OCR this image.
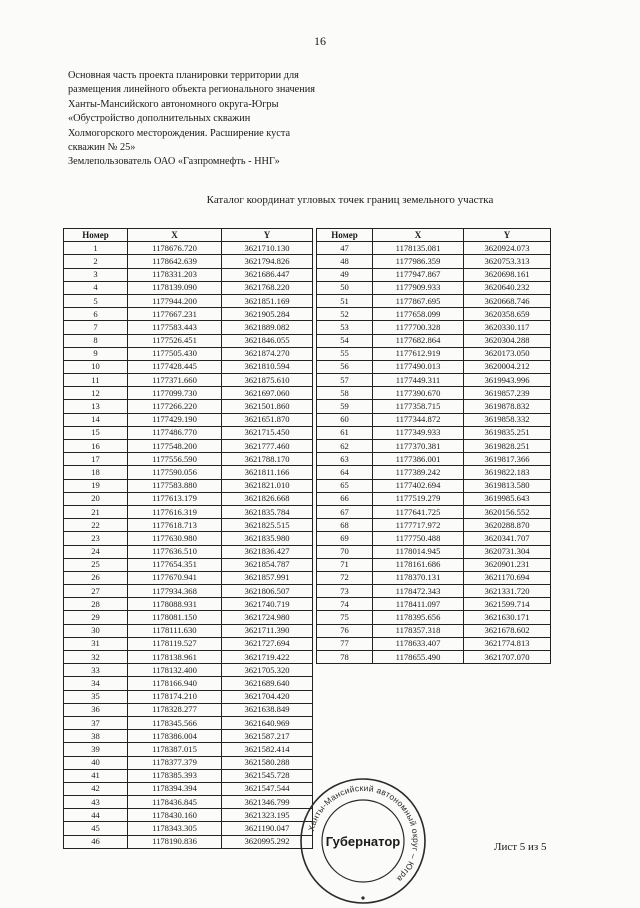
16
Основная часть проекта планировки территории для
размещения линейного объекта регионального значения
Ханты-Мансийского автономного округа-Югры
«Обустройство дополнительных скважин
Холмогорского месторождения. Расширение куста
скважин № 25»
Землепользователь ОАО «Газпромнефть - ННГ»
Каталог координат угловых точек границ земельного участка
Номер	X	Y
1	1178676.720	3621710.130
2	1178642.639	3621794.826
3	1178331.203	3621686.447
4	1178139.090	3621768.220
5	1177944.200	3621851.169
6	1177667.231	3621905.284
7	1177583.443	3621889.082
8	1177526.451	3621846.055
9	1177505.430	3621874.270
10	1177428.445	3621810.594
11	1177371.660	3621875.610
12	1177099.730	3621697.060
13	1177266.220	3621501.860
14	1177429.190	3621651.870
15	1177486.770	3621715.450
16	1177548.200	3621777.460
17	1177556.590	3621788.170
18	1177590.056	3621811.166
19	1177583.880	3621821.010
20	1177613.179	3621826.668
21	1177616.319	3621835.784
22	1177618.713	3621825.515
23	1177630.980	3621835.980
24	1177636.510	3621836.427
25	1177654.351	3621854.787
26	1177670.941	3621857.991
27	1177934.368	3621806.507
28	1178088.931	3621740.719
29	1178081.150	3621724.980
30	1178111.630	3621711.390
31	1178119.527	3621727.694
32	1178138.961	3621719.422
33	1178132.400	3621705.320
34	1178166.940	3621689.640
35	1178174.210	3621704.420
36	1178328.277	3621638.849
37	1178345.566	3621640.969
38	1178386.004	3621587.217
39	1178387.015	3621582.414
40	1178377.379	3621580.288
41	1178385.393	3621545.728
42	1178394.394	3621547.544
43	1178436.845	3621346.799
44	1178430.160	3621323.195
45	1178343.305	3621190.047
46	1178190.836	3620995.292
Номер	X	Y
47	1178135.081	3620924.073
48	1177986.359	3620753.313
49	1177947.867	3620698.161
50	1177909.933	3620640.232
51	1177867.695	3620668.746
52	1177658.099	3620358.659
53	1177700.328	3620330.117
54	1177682.864	3620304.288
55	1177612.919	3620173.050
56	1177490.013	3620004.212
57	1177449.311	3619943.996
58	1177390.670	3619857.239
59	1177358.715	3619878.832
60	1177344.872	3619858.332
61	1177349.933	3619835.251
62	1177370.381	3619828.251
63	1177386.001	3619817.366
64	1177389.242	3619822.183
65	1177402.694	3619813.580
66	1177519.279	3619985.643
67	1177641.725	3620156.552
68	1177717.972	3620288.870
69	1177750.488	3620341.707
70	1178014.945	3620731.304
71	1178161.686	3620901.231
72	1178370.131	3621170.694
73	1178472.343	3621331.720
74	1178411.097	3621599.714
75	1178395.656	3621630.171
76	1178357.318	3621678.602
77	1178633.407	3621774.813
78	1178655.490	3621707.070
Ханты-Мансийский автономный округ – Югра
Губернатор	Лист 5 из 5
